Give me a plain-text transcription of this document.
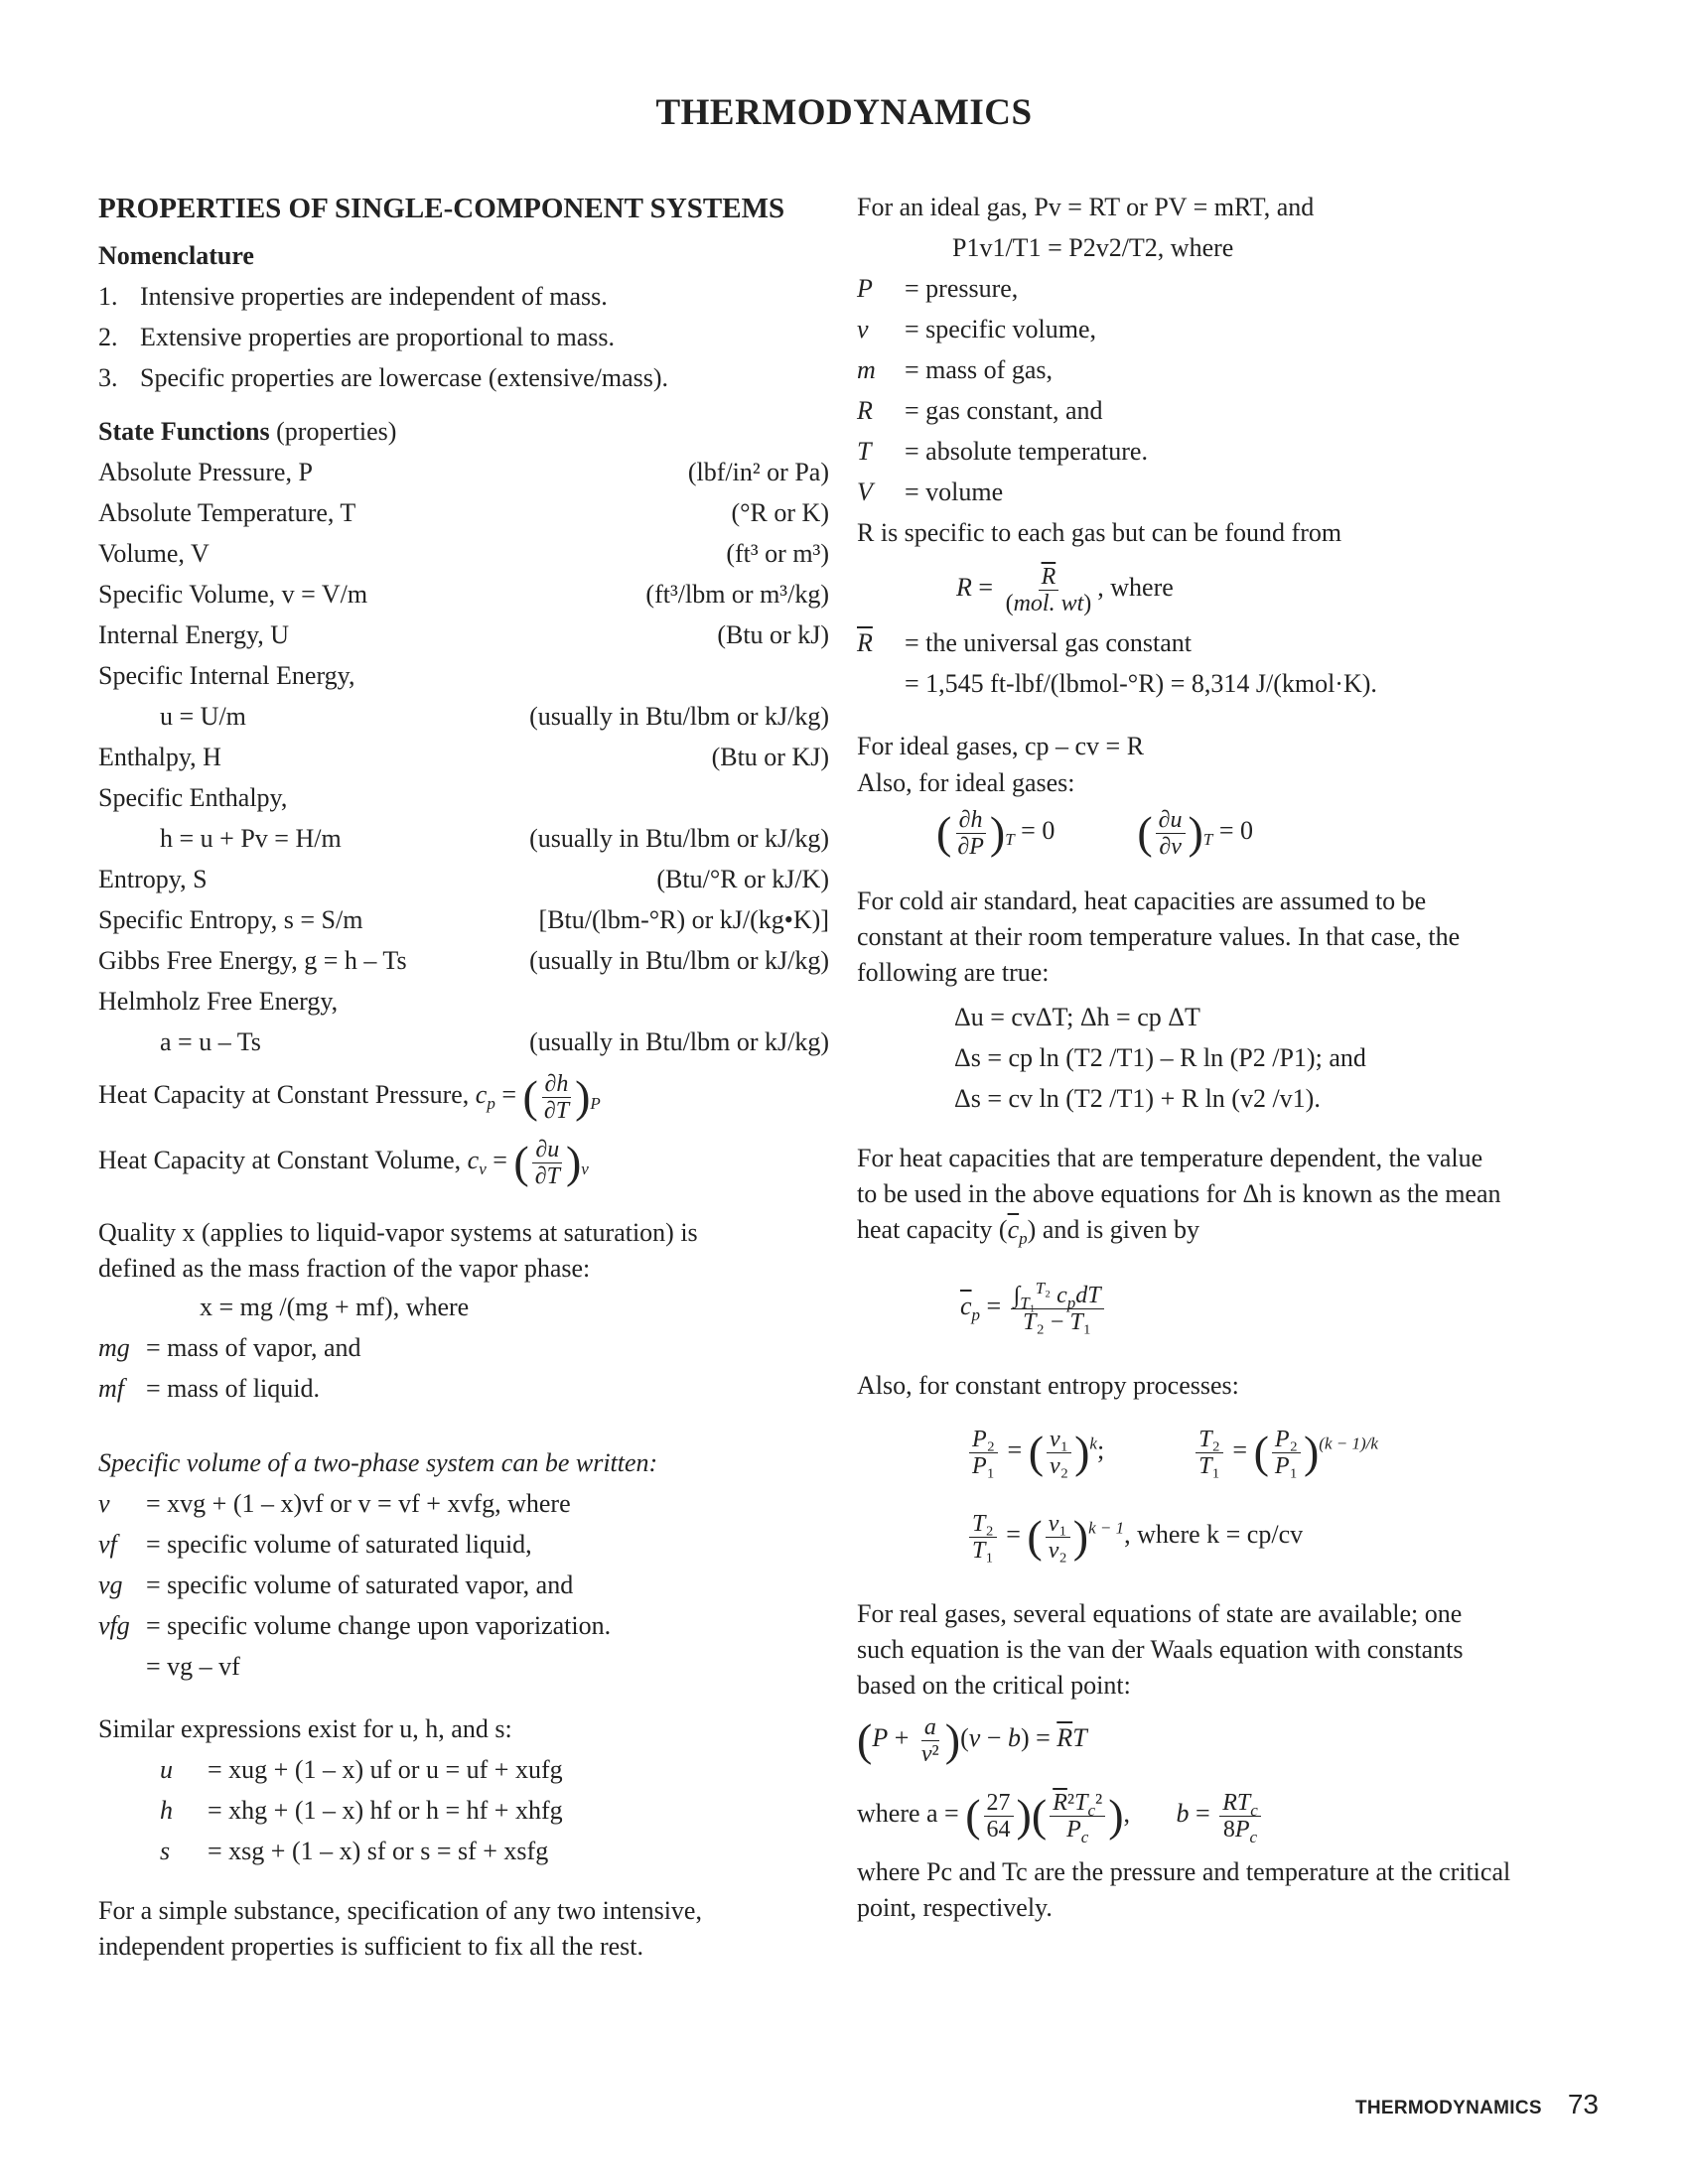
THERMODYNAMICS
PROPERTIES OF SINGLE-COMPONENT SYSTEMS
Nomenclature
1. Intensive properties are independent of mass.
2. Extensive properties are proportional to mass.
3. Specific properties are lowercase (extensive/mass).
State Functions (properties)
Absolute Pressure, P	(lbf/in² or Pa)
Absolute Temperature, T	(°R or K)
Volume, V	(ft³ or m³)
Specific Volume, v = V/m	(ft³/lbm or m³/kg)
Internal Energy, U	(Btu or kJ)
Specific Internal Energy,
u = U/m	(usually in Btu/lbm or kJ/kg)
Enthalpy, H	(Btu or KJ)
Specific Enthalpy,
h = u + Pv = H/m	(usually in Btu/lbm or kJ/kg)
Entropy, S	(Btu/°R or kJ/K)
Specific Entropy, s = S/m	[Btu/(lbm-°R) or kJ/(kg•K)]
Gibbs Free Energy, g = h – Ts	(usually in Btu/lbm or kJ/kg)
Helmholz Free Energy,
a = u – Ts	(usually in Btu/lbm or kJ/kg)
Heat Capacity at Constant Pressure, $c_p$ = ( $\frac{\partial h}{\partial T} )_P$
Heat Capacity at Constant Volume, $c_v$ = ( $\frac{\partial u}{\partial T} )_v$
Quality x (applies to liquid-vapor systems at saturation) is
defined as the mass fraction of the vapor phase:
x = mg /(mg + mf), where
mg = mass of vapor, and
mf = mass of liquid.
Specific volume of a two-phase system can be written:
v	= xvg + (1 – x)vf or v = vf + xvfg, where
vf	= specific volume of saturated liquid,
vg = specific volume of saturated vapor, and
vfg = specific volume change upon vaporization.
= vg – vf
Similar expressions exist for u, h, and s:
u	= xug + (1 – x) uf or u = uf + xufg
h	= xhg + (1 – x) hf or h = hf + xhfg
s	= xsg + (1 – x) sf or s = sf + xsfg
For a simple substance, specification of any two intensive,
independent properties is sufficient to fix all the rest.
For an ideal gas, Pv = RT or PV = mRT, and
P1v1/T1 = P2v2/T2, where
P	= pressure,
v	= specific volume,
m	= mass of gas,
R	= gas constant, and
T	= absolute temperature.
V	= volume
R is specific to each gas but can be found from
$R = \frac{\overline{R}}{\text{(mol. wt)}}$ , where
$\overline{R}$	= the universal gas constant
= 1,545 ft-lbf/(lbmol-°R) = 8,314 J/(kmol·K).
For ideal gases, cp – cv = R
Also, for ideal gases:
( $\frac{\partial h}{\partial P} )_T = 0$  ( $\frac{\partial u}{\partial v} )_T = 0$
For cold air standard, heat capacities are assumed to be
constant at their room temperature values. In that case, the
following are true:
Δu = cvΔT; Δh = cp ΔT
Δs = cp ln (T2 /T1) – R ln (P2 /P1); and
Δs = cv ln (T2 /T1) + R ln (v2 /v1).
For heat capacities that are temperature dependent, the value
to be used in the above equations for Δh is known as the mean
heat capacity $(\overline{c}_p)$ and is given by
$\overline{c}_p = \frac{\int_{T_1}^{T_2} c_pdT}{\text{T₂ − T₁}}$
Also, for constant entropy processes:
$\frac{\text{P₂}}{\text{P₁}}$ = ( $\frac{\text{v₁}}{\text{v₂}} )^k$;	$\frac{\text{T₂}}{\text{T₁}}$ = ( $\frac{\text{P₂}}{\text{P₁}} )^{(k - 1)/k}$
$\frac{\text{T₂}}{\text{T₁}}$ = ( $\frac{\text{v₁}}{\text{v₂}} )^{k - 1}$, where k = cp/cv
For real gases, several equations of state are available; one
such equation is the van der Waals equation with constants
based on the critical point:
$(P + \frac{a}{\text{v²}} )(v - b) = \overline{R}T$
where a = ( $\frac{27}{64}$ )( $\frac{\overline{R}^2T_c^2}{P_c}$ ), $b = \frac{RT_c}{8P_c}$
where Pc and Tc are the pressure and temperature at the critical
point, respectively.
THERMODYNAMICS 73
